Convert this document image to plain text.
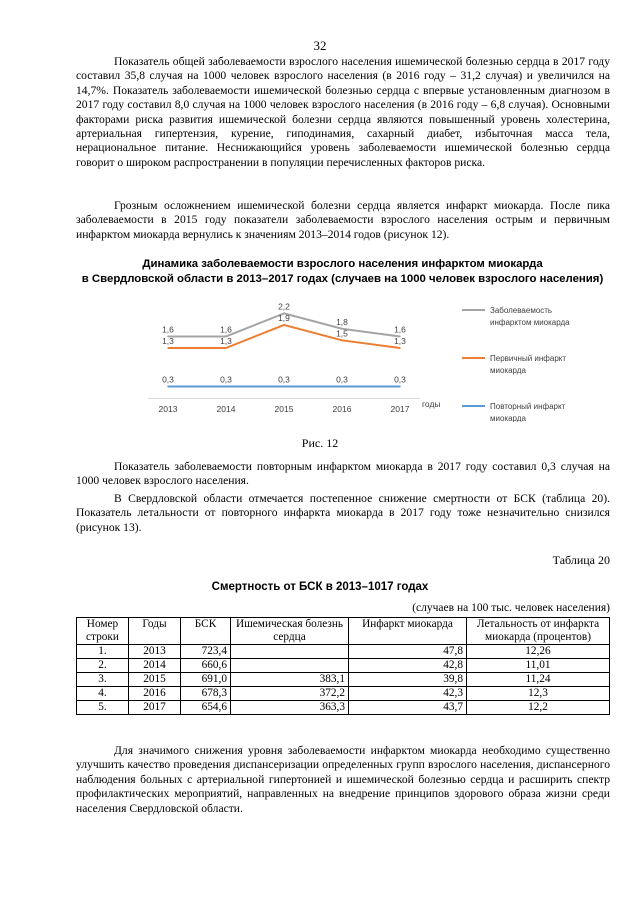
32

Показатель общей заболеваемости взрослого населения ишемической болезнью сердца в 2017 году составил 35,8 случая на 1000 человек взрослого населения (в 2016 году – 31,2 случая) и увеличился на 14,7%. Показатель заболеваемости ишемической болезнью сердца с впервые установленным диагнозом в 2017 году составил 8,0 случая на 1000 человек взрослого населения (в 2016 году – 6,8 случая). Основными факторами риска развития ишемической болезни сердца являются повышенный уровень холестерина, артериальная гипертензия, курение, гиподинамия, сахарный диабет, избыточная масса тела, нерациональное питание. Неснижающийся уровень заболеваемости ишемической болезнью сердца говорит о широком распространении в популяции перечисленных факторов риска.

Грозным осложнением ишемической болезни сердца является инфаркт миокарда. После пика заболеваемости в 2015 году показатели заболеваемости взрослого населения острым и первичным инфарктом миокарда вернулись к значениям 2013–2014 годов (рисунок 12).

Динамика заболеваемости взрослого населения инфарктом миокарда
в Свердловской области в 2013–2017 годах (случаев на 1000 человек взрослого населения)
1,6	1,6
2,2
1,8
1,6
Заболеваемость
инфарктом миокарда
1,3	1,3
1,9
1,5
1,3
Первичный инфаркт
миокарда
0,3	0,3	0,3	0,3	0,3
Повторный инфаркт
миокарда
2013	2014	2015	2016	2017 годы
Рис. 12

Показатель заболеваемости повторным инфарктом миокарда в 2017 году составил 0,3 случая на 1000 человек взрослого населения.

В Свердловской области отмечается постепенное снижение смертности от БСК (таблица 20). Показатель летальности от повторного инфаркта миокарда в 2017 году тоже незначительно снизился (рисунок 13).

Таблица 20
Смертность от БСК в 2013–1017 годах
(случаев на 100 тыс. человек населения)
Номер строки	Годы	БСК	Ишемическая болезнь сердца	Инфаркт миокарда	Летальность от инфаркта миокарда (процентов)
1.	2013	723,4		47,8	12,26
2.	2014	660,6		42,8	11,01
3.	2015	691,0	383,1	39,8	11,24
4.	2016	678,3	372,2	42,3	12,3
5.	2017	654,6	363,3	43,7	12,2

Для значимого снижения уровня заболеваемости инфарктом миокарда необходимо существенно улучшить качество проведения диспансеризации определенных групп взрослого населения, диспансерного наблюдения больных с артериальной гипертонией и ишемической болезнью сердца и расширить спектр профилактических мероприятий, направленных на внедрение принципов здорового образа жизни среди населения Свердловской области.
